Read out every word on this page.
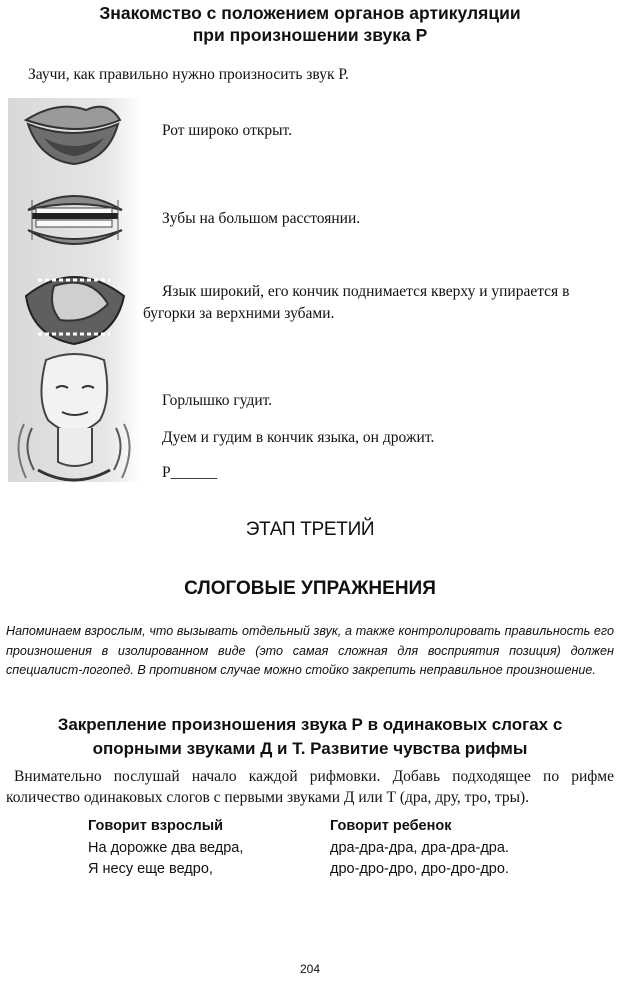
Знакомство с положением органов артикуляции
при произношении звука Р
Заучи, как правильно нужно произносить звук Р.
Рот широко открыт.
Зубы на большом расстоянии.
Язык широкий, его кончик поднимается кверху и упирается в бугорки за верхними зубами.
Горлышко гудит.
Дуем и гудим в кончик языка, он дрожит.
Р______
ЭТАП ТРЕТИЙ
СЛОГОВЫЕ УПРАЖНЕНИЯ
Напоминаем взрослым, что вызывать отдельный звук, а также контролировать правильность его произношения в изолированном виде (это самая сложная для восприятия позиция) должен специалист-логопед. В противном случае можно стойко закрепить неправильное произношение.
Закрепление произношения звука Р в одинаковых слогах с
опорными звуками Д и Т. Развитие чувства рифмы
Внимательно послушай начало каждой рифмовки. Добавь подходящее по рифме количество одинаковых слогов с первыми звуками Д или Т (дра, дру, тро, тры).
Говорит взрослый	Говорит ребенок
На дорожке два ведра,	дра-дра-дра, дра-дра-дра.
Я несу еще ведро,	дро-дро-дро, дро-дро-дро.
204
